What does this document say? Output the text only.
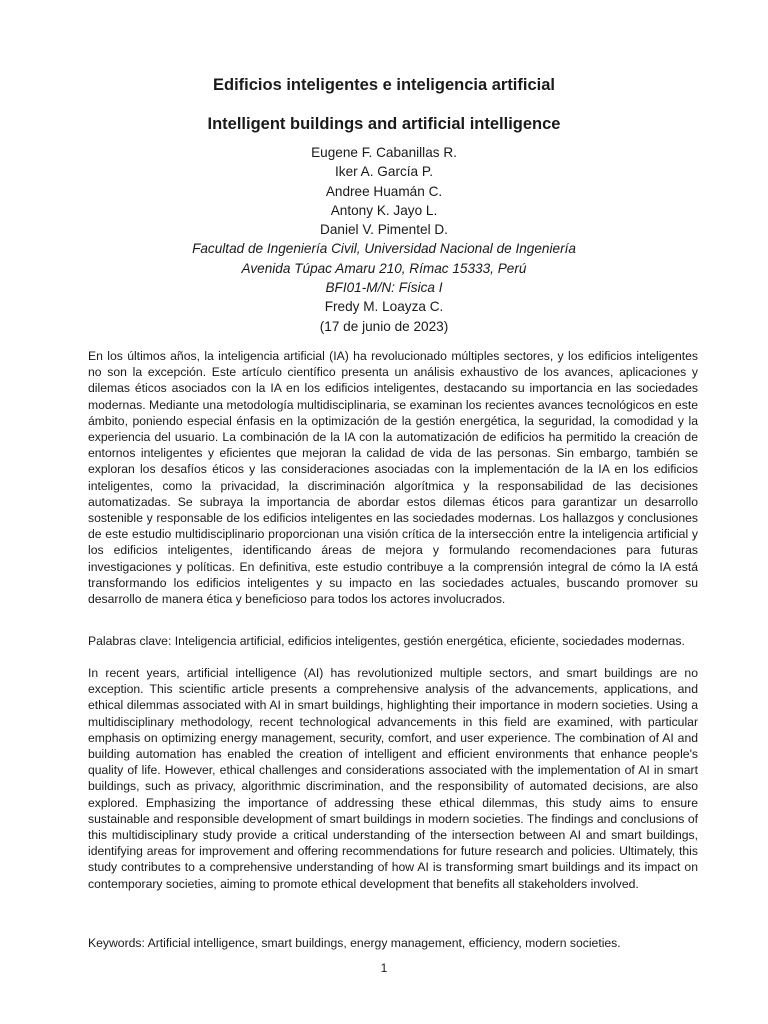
Edificios inteligentes e inteligencia artificial
Intelligent buildings and artificial intelligence
Eugene F. Cabanillas R.
Iker A. García P.
Andree Huamán C.
Antony K. Jayo L.
Daniel V. Pimentel D.
Facultad de Ingeniería Civil, Universidad Nacional de Ingeniería
Avenida Túpac Amaru 210, Rímac 15333, Perú
BFI01-M/N: Física I
Fredy M. Loayza C.
(17 de junio de 2023)

En los últimos años, la inteligencia artificial (IA) ha revolucionado múltiples sectores, y los edificios inteligentes no son la excepción. Este artículo científico presenta un análisis exhaustivo de los avances, aplicaciones y dilemas éticos asociados con la IA en los edificios inteligentes, destacando su importancia en las sociedades modernas. Mediante una metodología multidisciplinaria, se examinan los recientes avances tecnológicos en este ámbito, poniendo especial énfasis en la optimización de la gestión energética, la seguridad, la comodidad y la experiencia del usuario. La combinación de la IA con la automatización de edificios ha permitido la creación de entornos inteligentes y eficientes que mejoran la calidad de vida de las personas. Sin embargo, también se exploran los desafíos éticos y las consideraciones asociadas con la implementación de la IA en los edificios inteligentes, como la privacidad, la discriminación algorítmica y la responsabilidad de las decisiones automatizadas. Se subraya la importancia de abordar estos dilemas éticos para garantizar un desarrollo sostenible y responsable de los edificios inteligentes en las sociedades modernas. Los hallazgos y conclusiones de este estudio multidisciplinario proporcionan una visión crítica de la intersección entre la inteligencia artificial y los edificios inteligentes, identificando áreas de mejora y formulando recomendaciones para futuras investigaciones y políticas. En definitiva, este estudio contribuye a la comprensión integral de cómo la IA está transformando los edificios inteligentes y su impacto en las sociedades actuales, buscando promover su desarrollo de manera ética y beneficioso para todos los actores involucrados.

Palabras clave: Inteligencia artificial, edificios inteligentes, gestión energética, eficiente, sociedades modernas.

In recent years, artificial intelligence (AI) has revolutionized multiple sectors, and smart buildings are no exception. This scientific article presents a comprehensive analysis of the advancements, applications, and ethical dilemmas associated with AI in smart buildings, highlighting their importance in modern societies. Using a multidisciplinary methodology, recent technological advancements in this field are examined, with particular emphasis on optimizing energy management, security, comfort, and user experience. The combination of AI and building automation has enabled the creation of intelligent and efficient environments that enhance people's quality of life. However, ethical challenges and considerations associated with the implementation of AI in smart buildings, such as privacy, algorithmic discrimination, and the responsibility of automated decisions, are also explored. Emphasizing the importance of addressing these ethical dilemmas, this study aims to ensure sustainable and responsible development of smart buildings in modern societies. The findings and conclusions of this multidisciplinary study provide a critical understanding of the intersection between AI and smart buildings, identifying areas for improvement and offering recommendations for future research and policies. Ultimately, this study contributes to a comprehensive understanding of how AI is transforming smart buildings and its impact on contemporary societies, aiming to promote ethical development that benefits all stakeholders involved.

Keywords: Artificial intelligence, smart buildings, energy management, efficiency, modern societies.

1
